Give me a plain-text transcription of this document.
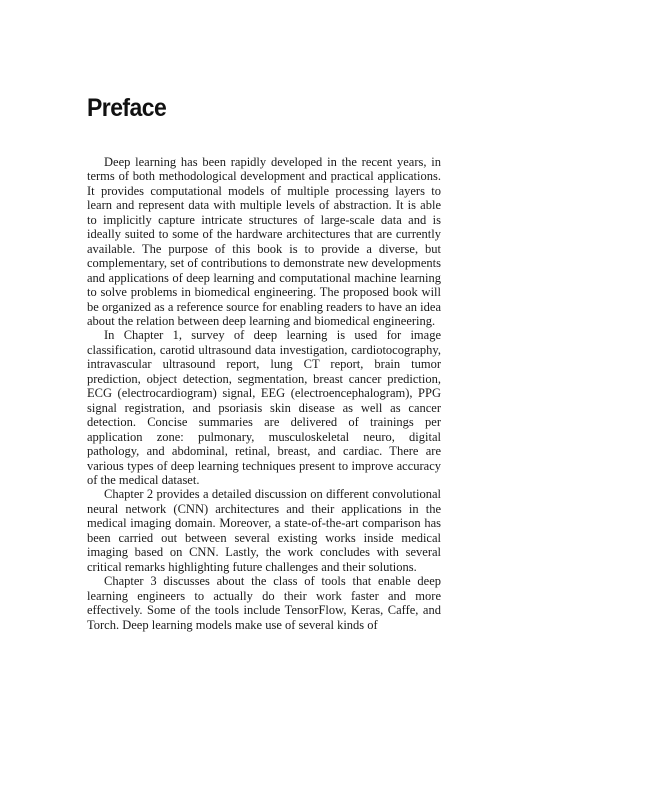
Preface

Deep learning has been rapidly developed in the recent years, in terms of both methodological development and practical applications. It provides computational models of multiple processing layers to learn and represent data with multiple levels of abstraction. It is able to implicitly capture intricate structures of large-scale data and is ideally suited to some of the hardware architectures that are currently available. The purpose of this book is to provide a diverse, but complementary, set of contributions to demonstrate new developments and applications of deep learning and computational machine learning to solve problems in biomedical engineering. The proposed book will be organized as a reference source for enabling readers to have an idea about the relation between deep learning and biomedical engineering.

In Chapter 1, survey of deep learning is used for image classification, carotid ultrasound data investigation, cardiotocography, intravascular ultrasound report, lung CT report, brain tumor prediction, object detection, segmentation, breast cancer prediction, ECG (electrocardiogram) signal, EEG (electroencephalogram), PPG signal registration, and psoriasis skin disease as well as cancer detection. Concise summaries are delivered of trainings per application zone: pulmonary, musculoskeletal neuro, digital pathology, and abdominal, retinal, breast, and cardiac. There are various types of deep learning techniques present to improve accuracy of the medical dataset.

Chapter 2 provides a detailed discussion on different convolutional neural network (CNN) architectures and their applications in the medical imaging domain. Moreover, a state-of-the-art comparison has been carried out between several existing works inside medical imaging based on CNN. Lastly, the work concludes with several critical remarks highlighting future challenges and their solutions.

Chapter 3 discusses about the class of tools that enable deep learning engineers to actually do their work faster and more effectively. Some of the tools include TensorFlow, Keras, Caffe, and Torch. Deep learning models make use of several kinds of
